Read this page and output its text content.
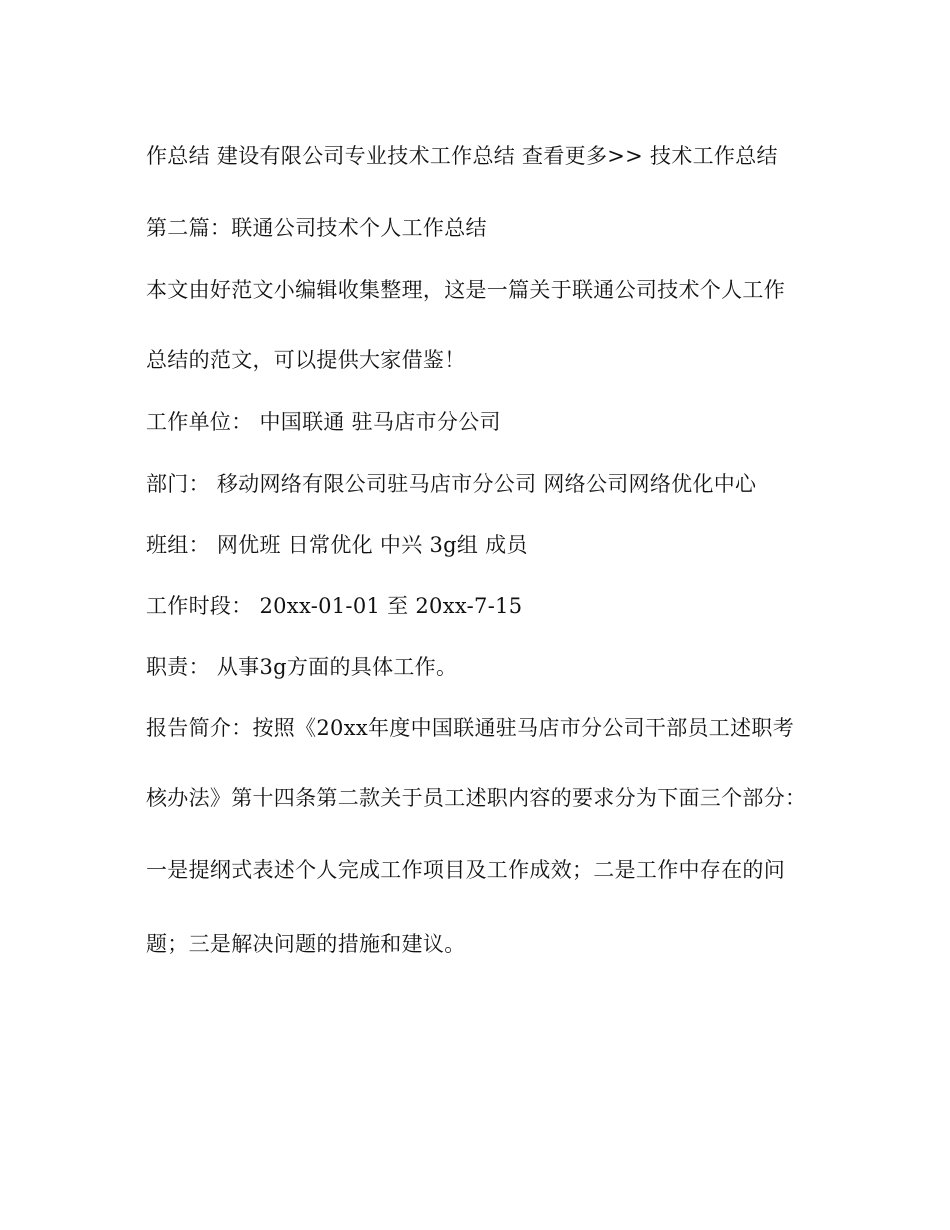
作总结 建设有限公司专业技术工作总结 查看更多>> 技术工作总结
第二篇：联通公司技术个人工作总结
本文由好范文小编辑收集整理，这是一篇关于联通公司技术个人工作
总结的范文，可以提供大家借鉴！
工作单位： 中国联通 驻马店市分公司
部门： 移动网络有限公司驻马店市分公司 网络公司网络优化中心
班组： 网优班 日常优化 中兴 3g组 成员
工作时段： 20xx-01-01 至 20xx-7-15
职责： 从事3g方面的具体工作。
报告简介：按照《20xx年度中国联通驻马店市分公司干部员工述职考
核办法》第十四条第二款关于员工述职内容的要求分为下面三个部分：
一是提纲式表述个人完成工作项目及工作成效；二是工作中存在的问
题；三是解决问题的措施和建议。
